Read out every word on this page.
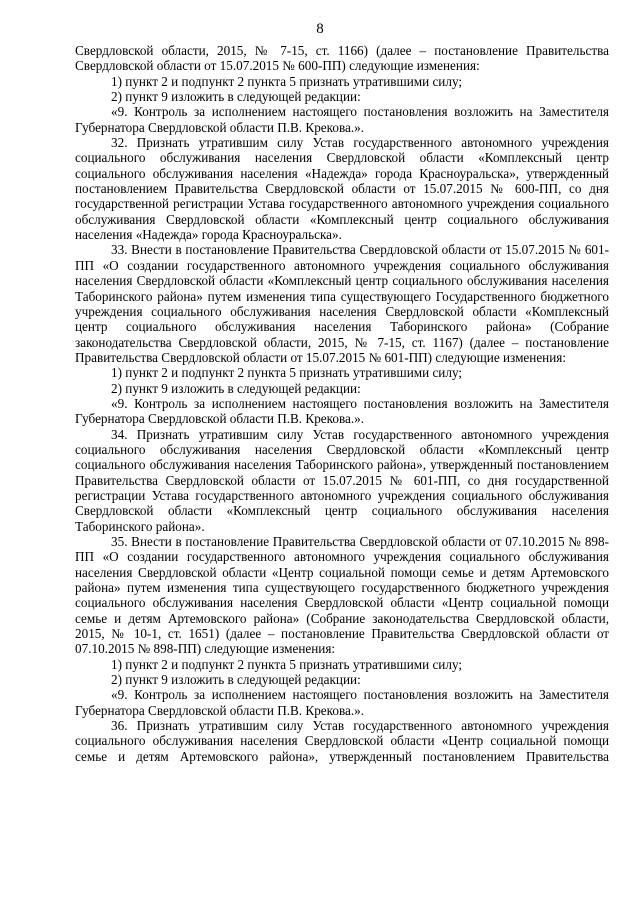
8

Свердловской области, 2015, № 7-15, ст. 1166) (далее – постановление Правительства Свердловской области от 15.07.2015 № 600-ПП) следующие изменения:

1) пункт 2 и подпункт 2 пункта 5 признать утратившими силу;

2) пункт 9 изложить в следующей редакции:

«9. Контроль за исполнением настоящего постановления возложить на Заместителя Губернатора Свердловской области П.В. Крекова.».

32. Признать утратившим силу Устав государственного автономного учреждения социального обслуживания населения Свердловской области «Комплексный центр социального обслуживания населения «Надежда» города Красноуральска», утвержденный постановлением Правительства Свердловской области от 15.07.2015 № 600-ПП, со дня государственной регистрации Устава государственного автономного учреждения социального обслуживания Свердловской области «Комплексный центр социального обслуживания населения «Надежда» города Красноуральска».

33. Внести в постановление Правительства Свердловской области от 15.07.2015 № 601-ПП «О создании государственного автономного учреждения социального обслуживания населения Свердловской области «Комплексный центр социального обслуживания населения Таборинского района» путем изменения типа существующего Государственного бюджетного учреждения социального обслуживания населения Свердловской области «Комплексный центр социального обслуживания населения Таборинского района» (Собрание законодательства Свердловской области, 2015, № 7-15, ст. 1167) (далее – постановление Правительства Свердловской области от 15.07.2015 № 601-ПП) следующие изменения:

1) пункт 2 и подпункт 2 пункта 5 признать утратившими силу;

2) пункт 9 изложить в следующей редакции:

«9. Контроль за исполнением настоящего постановления возложить на Заместителя Губернатора Свердловской области П.В. Крекова.».

34. Признать утратившим силу Устав государственного автономного учреждения социального обслуживания населения Свердловской области «Комплексный центр социального обслуживания населения Таборинского района», утвержденный постановлением Правительства Свердловской области от 15.07.2015 № 601-ПП, со дня государственной регистрации Устава государственного автономного учреждения социального обслуживания Свердловской области «Комплексный центр социального обслуживания населения Таборинского района».

35. Внести в постановление Правительства Свердловской области от 07.10.2015 № 898-ПП «О создании государственного автономного учреждения социального обслуживания населения Свердловской области «Центр социальной помощи семье и детям Артемовского района» путем изменения типа существующего государственного бюджетного учреждения социального обслуживания населения Свердловской области «Центр социальной помощи семье и детям Артемовского района» (Собрание законодательства Свердловской области, 2015, № 10-1, ст. 1651) (далее – постановление Правительства Свердловской области от 07.10.2015 № 898-ПП) следующие изменения:

1) пункт 2 и подпункт 2 пункта 5 признать утратившими силу;

2) пункт 9 изложить в следующей редакции:

«9. Контроль за исполнением настоящего постановления возложить на Заместителя Губернатора Свердловской области П.В. Крекова.».

36. Признать утратившим силу Устав государственного автономного учреждения социального обслуживания населения Свердловской области «Центр социальной помощи семье и детям Артемовского района», утвержденный постановлением Правительства
